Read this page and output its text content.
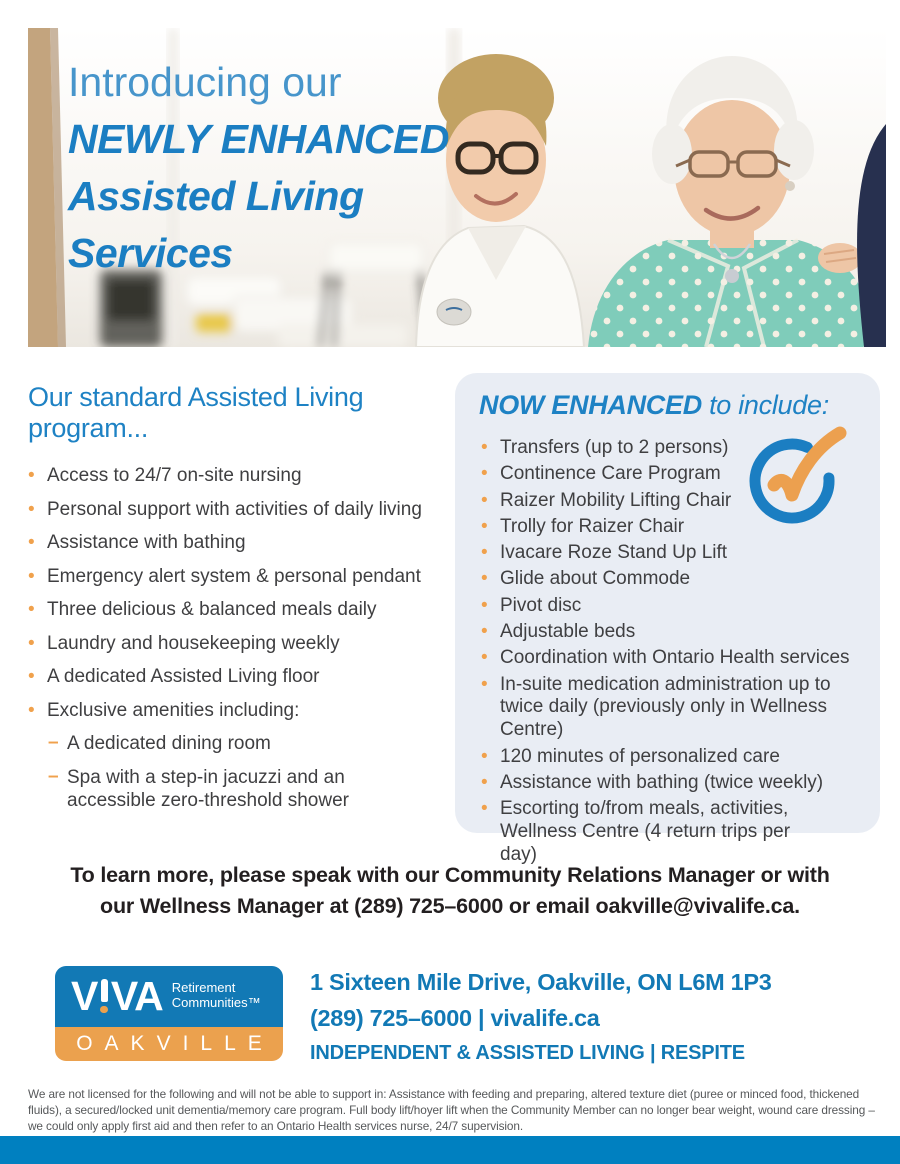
Introducing our
NEWLY ENHANCED
Assisted Living
Services
Our standard Assisted Living program...
• Access to 24/7 on-site nursing
• Personal support with activities of daily living
• Assistance with bathing
• Emergency alert system & personal pendant
• Three delicious & balanced meals daily
• Laundry and housekeeping weekly
• A dedicated Assisted Living floor
• Exclusive amenities including:
– A dedicated dining room
– Spa with a step-in jacuzzi and an accessible zero-threshold shower
NOW ENHANCED to include:
• Transfers (up to 2 persons)
• Continence Care Program
• Raizer Mobility Lifting Chair
• Trolly for Raizer Chair
• Ivacare Roze Stand Up Lift
• Glide about Commode
• Pivot disc
• Adjustable beds
• Coordination with Ontario Health services
• In-suite medication administration up to twice daily (previously only in Wellness Centre)
• 120 minutes of personalized care
• Assistance with bathing (twice weekly)
• Escorting to/from meals, activities, Wellness Centre (4 return trips per day)
To learn more, please speak with our Community Relations Manager or with our Wellness Manager at (289) 725–6000 or email oakville@vivalife.ca.
V VA Retirement
Communities™
OAKVILLE
1 Sixteen Mile Drive, Oakville, ON L6M 1P3
(289) 725–6000 | vivalife.ca
INDEPENDENT & ASSISTED LIVING | RESPITE
We are not licensed for the following and will not be able to support in: Assistance with feeding and preparing, altered texture diet (puree or minced food, thickened fluids), a secured/locked unit dementia/memory care program. Full body lift/hoyer lift when the Community Member can no longer bear weight, wound care dressing – we could only apply first aid and then refer to an Ontario Health services nurse, 24/7 supervision.
